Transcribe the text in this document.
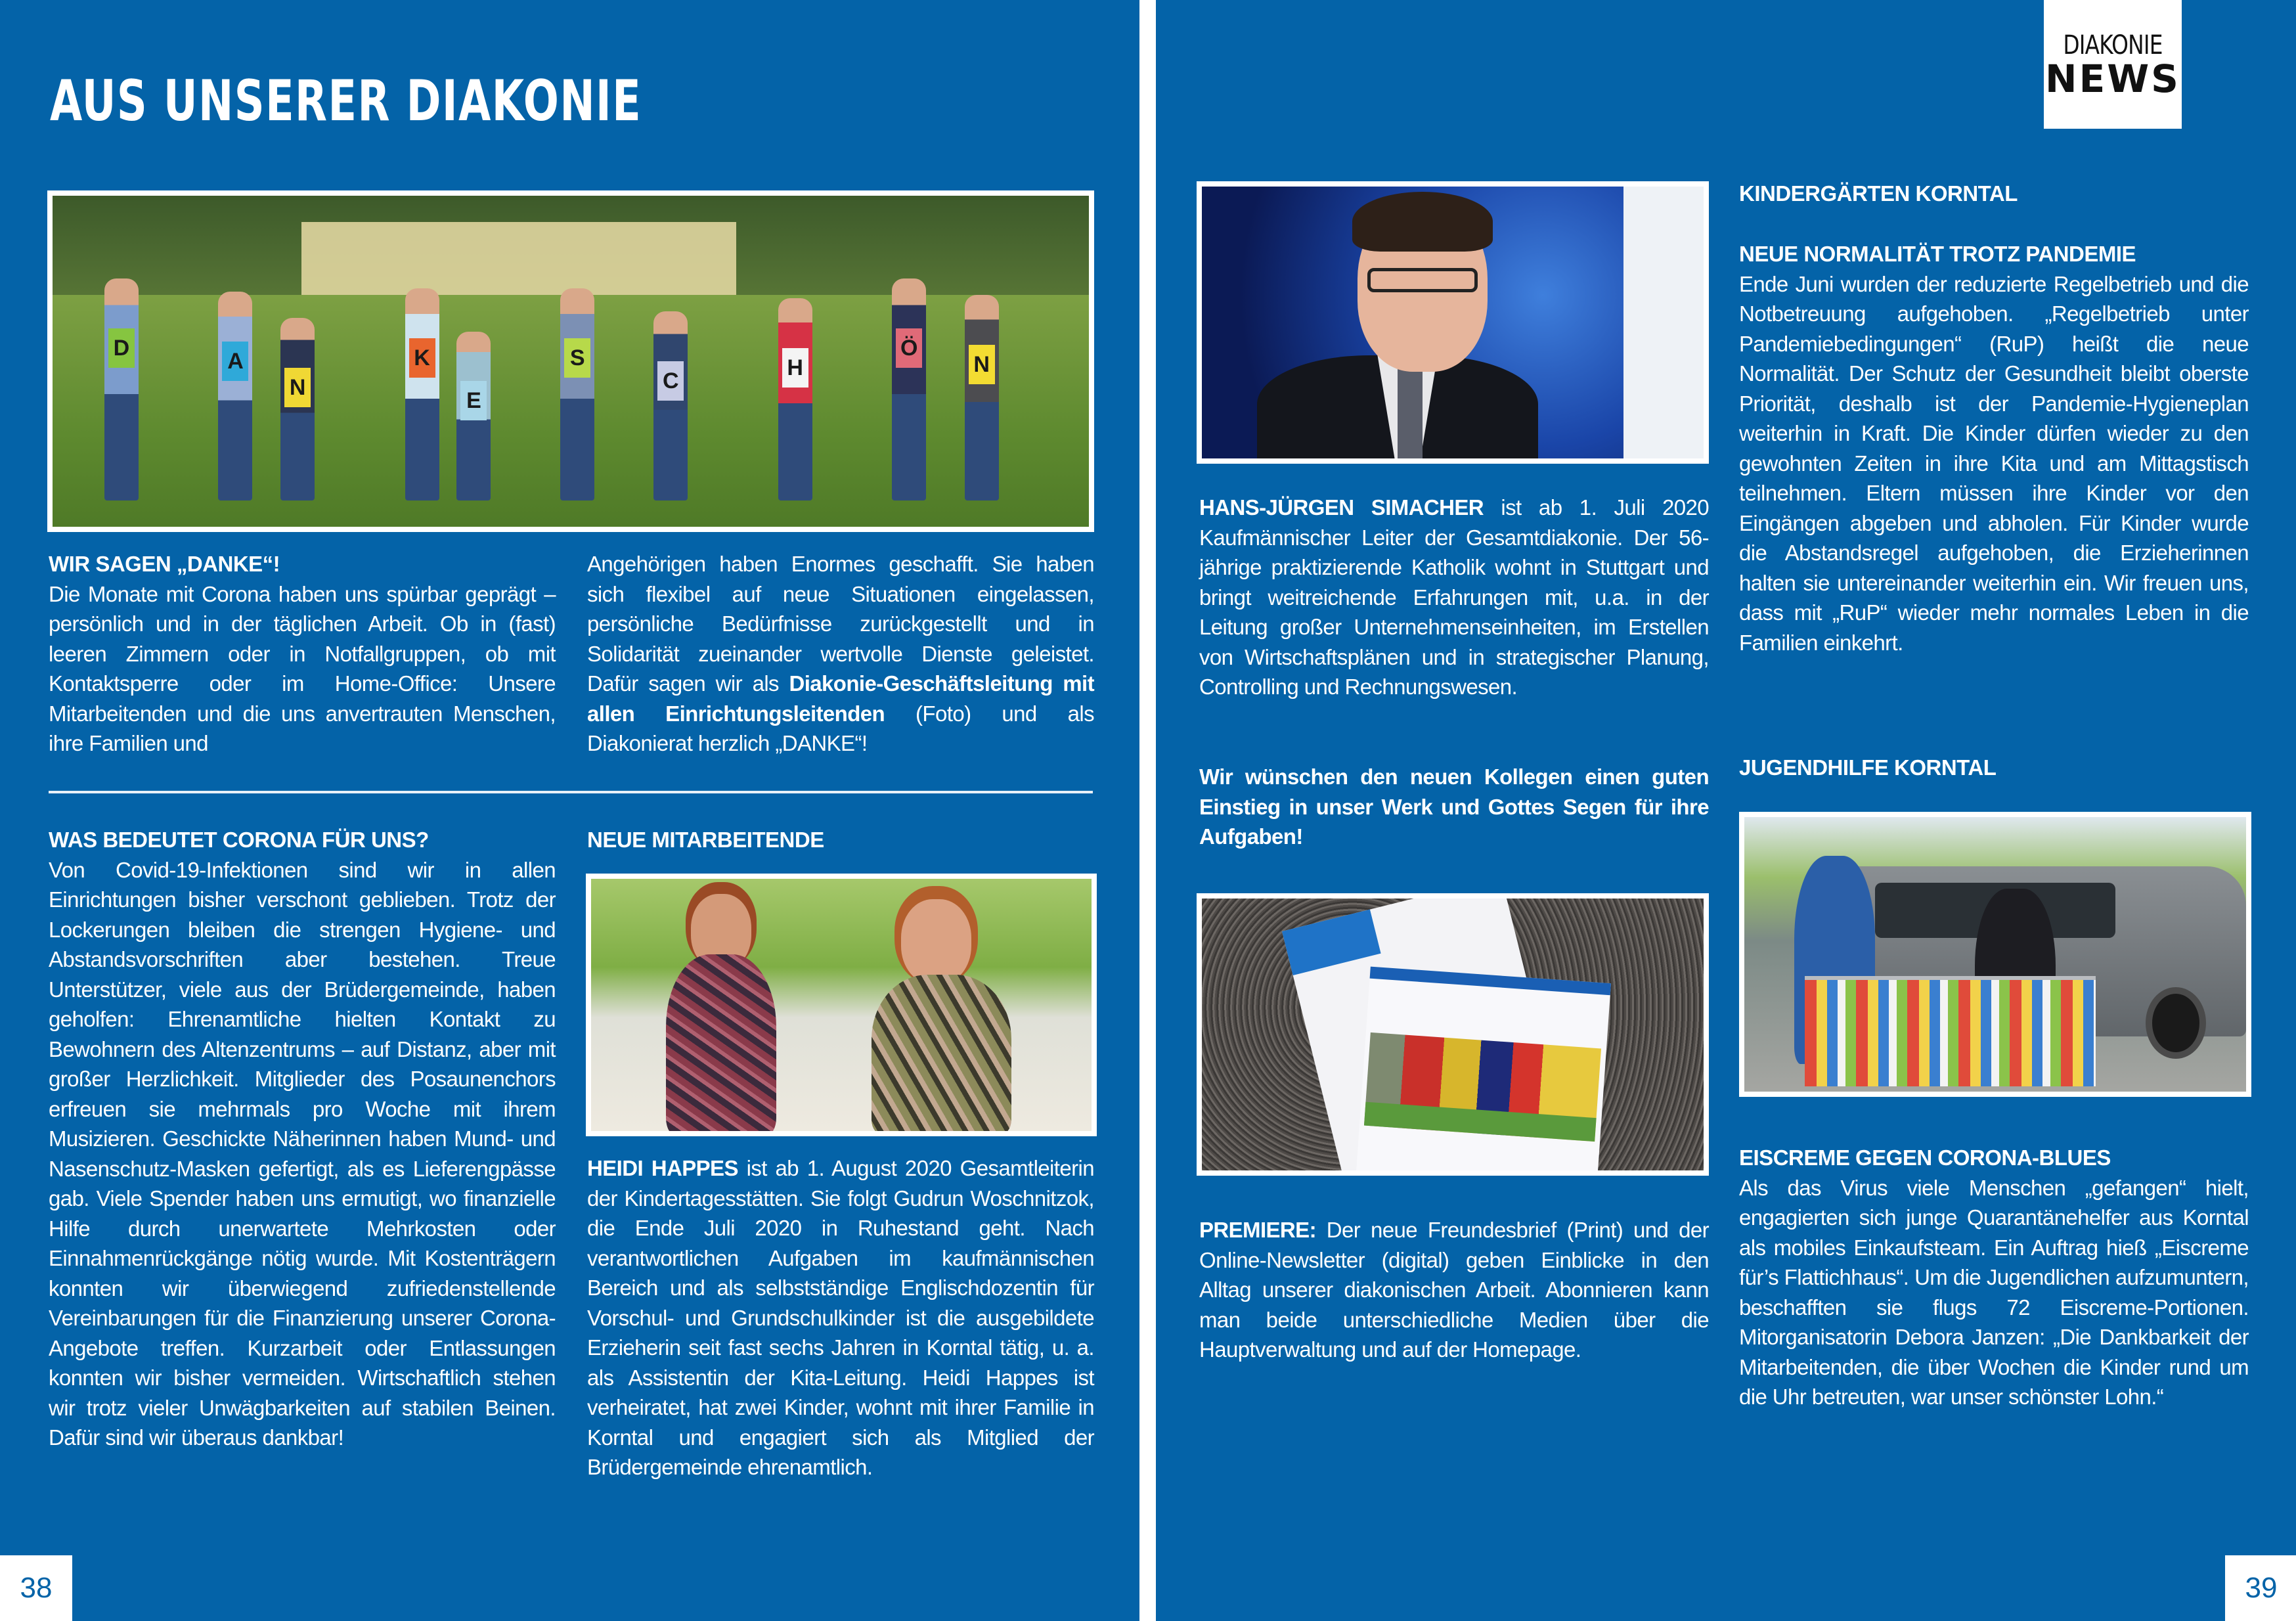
AUS UNSERER DIAKONIE
DIAKONIE
NEWS
D
A
N
K
E
S
C
H
Ö
N
WIR SAGEN „DANKE“!
Die Monate mit Corona haben uns spürbar geprägt – persönlich und in der täglichen Arbeit. Ob in (fast) leeren Zimmern oder in Notfallgruppen, ob mit Kontaktsperre oder im Home-Office: Unsere Mitarbeitenden und die uns anvertrauten Menschen, ihre Familien und
Angehörigen haben Enormes geschafft. Sie haben sich flexibel auf neue Situationen eingelassen, persönliche Bedürfnisse zurückgestellt und in Solidarität zueinander wertvolle Dienste geleistet. Dafür sagen wir als Diakonie-Geschäftsleitung mit allen Einrichtungsleitenden (Foto) und als Diakonierat herzlich „DANKE“!
WAS BEDEUTET CORONA FÜR UNS?
Von Covid-19-Infektionen sind wir in allen Einrichtungen bisher verschont geblieben. Trotz der Lockerungen bleiben die strengen Hygiene- und Abstandsvorschriften aber bestehen. Treue Unterstützer, viele aus der Brüdergemeinde, haben geholfen: Ehrenamtliche hielten Kontakt zu Bewohnern des Altenzentrums – auf Distanz, aber mit großer Herzlichkeit. Mitglieder des Posaunenchors erfreuen sie mehrmals pro Woche mit ihrem Musizieren. Geschickte Näherinnen haben Mund- und Nasenschutz-Masken gefertigt, als es Lieferengpässe gab. Viele Spender haben uns ermutigt, wo finanzielle Hilfe durch unerwartete Mehrkosten oder Einnahmenrückgänge nötig wurde. Mit Kostenträgern konnten wir überwiegend zufriedenstellende Vereinbarungen für die Finanzierung unserer Corona-Angebote treffen. Kurzarbeit oder Entlassungen konnten wir bisher vermeiden. Wirtschaftlich stehen wir trotz vieler Unwägbarkeiten auf stabilen Beinen. Dafür sind wir überaus dankbar!
NEUE MITARBEITENDE
HEIDI HAPPES ist ab 1. August 2020 Gesamtleiterin der Kindertagesstätten. Sie folgt Gudrun Woschnitzok, die Ende Juli 2020 in Ruhestand geht. Nach verantwortlichen Aufgaben im kaufmännischen Bereich und als selbstständige Englischdozentin für Vorschul- und Grundschulkinder ist die ausgebildete Erzieherin seit fast sechs Jahren in Korntal tätig, u. a. als Assistentin der Kita-Leitung. Heidi Happes ist verheiratet, hat zwei Kinder, wohnt mit ihrer Familie in Korntal und engagiert sich als Mitglied der Brüdergemeinde ehrenamtlich.
HANS-JÜRGEN SIMACHER ist ab 1. Juli 2020 Kaufmännischer Leiter der Gesamtdiakonie. Der 56-jährige praktizierende Katholik wohnt in Stuttgart und bringt weitreichende Erfahrungen mit, u.a. in der Leitung großer Unternehmenseinheiten, im Erstellen von Wirtschaftsplänen und in strategischer Planung, Controlling und Rechnungswesen.
Wir wünschen den neuen Kollegen einen guten Einstieg in unser Werk und Gottes Segen für ihre Aufgaben!
PREMIERE: Der neue Freundesbrief (Print) und der Online-Newsletter (digital) geben Einblicke in den Alltag unserer diakonischen Arbeit. Abonnieren kann man beide unterschiedliche Medien über die Hauptverwaltung und auf der Homepage.
KINDERGÄRTEN KORNTAL
NEUE NORMALITÄT TROTZ PANDEMIE
Ende Juni wurden der reduzierte Regelbetrieb und die Notbetreuung aufgehoben. „Regelbetrieb unter Pandemiebedingungen“ (RuP) heißt die neue Normalität. Der Schutz der Gesundheit bleibt oberste Priorität, deshalb ist der Pandemie-Hygieneplan weiterhin in Kraft. Die Kinder dürfen wieder zu den gewohnten Zeiten in ihre Kita und am Mittagstisch teilnehmen. Eltern müssen ihre Kinder vor den Eingängen abgeben und abholen. Für Kinder wurde die Abstandsregel aufgehoben, die Erzieherinnen halten sie untereinander weiterhin ein. Wir freuen uns, dass mit „RuP“ wieder mehr normales Leben in die Familien einkehrt.
JUGENDHILFE KORNTAL
EISCREME GEGEN CORONA-BLUES
Als das Virus viele Menschen „gefangen“ hielt, engagierten sich junge Quarantänehelfer aus Korntal als mobiles Einkaufsteam. Ein Auftrag hieß „Eiscreme für’s Flattichhaus“. Um die Jugendlichen aufzumuntern, beschafften sie flugs 72 Eiscreme-Portionen. Mitorganisatorin Debora Janzen: „Die Dankbarkeit der Mitarbeitenden, die über Wochen die Kinder rund um die Uhr betreuten, war unser schönster Lohn.“
38	39
